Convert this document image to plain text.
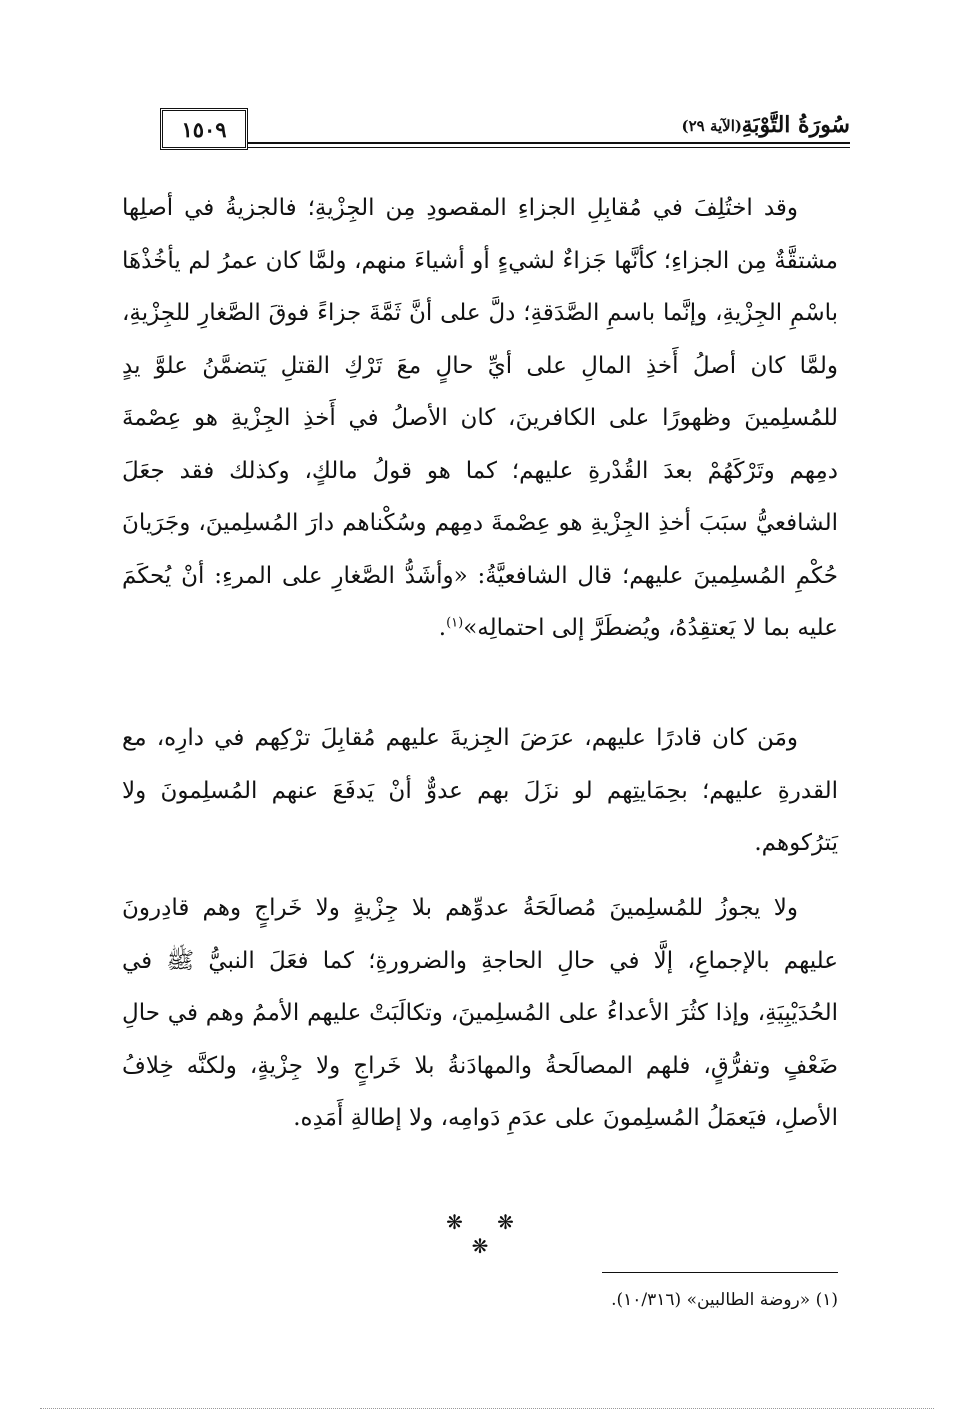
سُورَةُ التَّوْبَةِ
(الآية ٢٩)
١٥٠٩

وقد اختُلِفَ في مُقابِلِ الجزاءِ المقصودِ مِن الجِزْيةِ؛ فالجزيةُ في أصلِها مشتقَّةٌ مِن الجزاءِ؛ كأنَّها جَزاءٌ لشيءٍ أو أشياءَ منهم، ولمَّا كان عمرُ لم يأخُذْهَا باسْمِ الجِزْيةِ، وإنَّما باسمِ الصَّدَقةِ؛ دلَّ على أنَّ ثَمَّةَ جزاءً فوقَ الصَّغارِ للجِزْيةِ، ولمَّا كان أصلُ أَخذِ المالِ على أيِّ حالٍ معَ تَرْكِ القتلِ يَتضمَّنُ علوَّ يدٍ للمُسلِمينَ وظهورًا على الكافرينَ، كان الأصلُ في أَخذِ الجِزْيةِ هو عِصْمةَ دمِهم وتَرْكَهُمْ بعدَ القُدْرةِ عليهم؛ كما هو قولُ مالكٍ، وكذلك فقد جعَلَ الشافعيُّ سبَبَ أخذِ الجِزْيةِ هو عِصْمةَ دمِهم وسُكْناهم دارَ المُسلِمينَ، وجَرَيانَ حُكْمِ المُسلِمينَ عليهم؛ قال الشافعيَّةُ: «وأشَدُّ الصَّغارِ على المرءِ: أنْ يُحكَمَ عليه بما لا يَعتقِدُهُ، ويُضطَرَّ إلى احتمالِه»$^{(١)}$.

ومَن كان قادرًا عليهم، عرَضَ الجِزيةَ عليهم مُقابِلَ ترْكِهم في دارِه، مع القدرةِ عليهم؛ بحِمَايتِهم لو نزَلَ بهم عدوٌّ أنْ يَدفَعَ عنهم المُسلِمونَ ولا يَترُكوهم.

ولا يجوزُ للمُسلِمينَ مُصالَحَةُ عدوِّهم بلا جِزْيةٍ ولا خَراجٍ وهم قادِرونَ عليهم بالإجماعِ، إلَّا في حالِ الحاجةِ والضرورةِ؛ كما فعَلَ النبيُّ ﷺ في الحُدَيْبِيَةِ، وإذا كثُرَ الأعداءُ على المُسلِمينَ، وتكالَبَتْ عليهم الأممُ وهم في حالِ ضَعْفٍ وتفرُّقٍ، فلهم المصالَحةُ والمهادَنةُ بلا خَراجٍ ولا جِزْيةٍ، ولكنَّه خِلافُ الأصلِ، فيَعمَلُ المُسلِمونَ على عدَمِ دَوامِه، ولا إطالةِ أَمَدِه.

❋ ❋ ❋
(١) «روضة الطالبين» (١٠/٣١٦).
